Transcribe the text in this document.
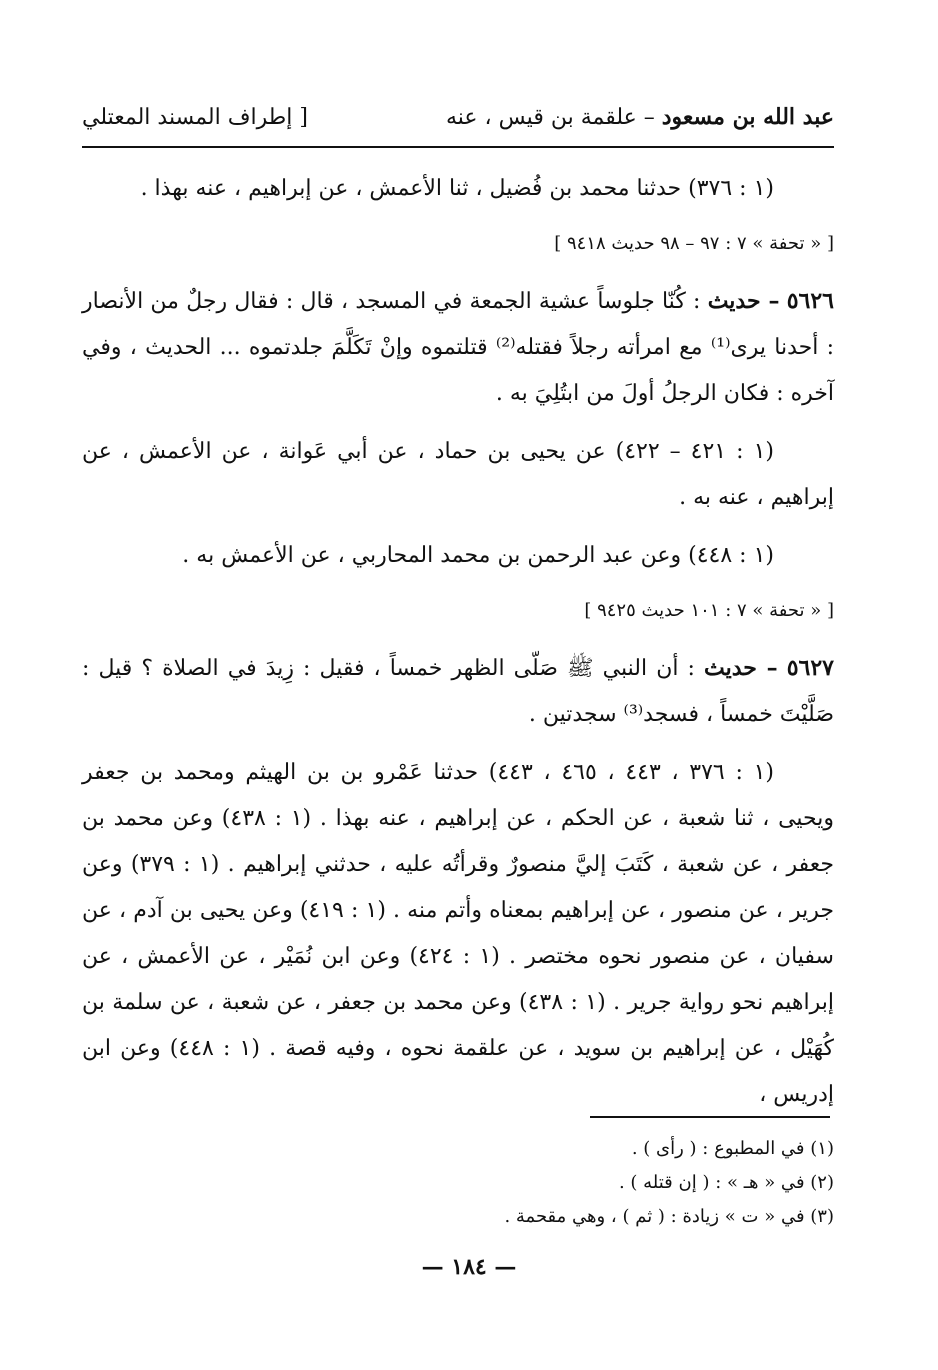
عبد الله بن مسعود – علقمة بن قيس ، عنه
[ إطراف المسند المعتلي

(١ : ٣٧٦) حدثنا محمد بن فُضيل ، ثنا الأعمش ، عن إبراهيم ، عنه بهذا .

[ « تحفة » ٧ : ٩٧ – ٩٨ حديث ٩٤١٨ ]

٥٦٢٦ – حديث : كُنّا جلوساً عشية الجمعة في المسجد ، قال : فقال رجلٌ من الأنصار : أحدنا يرى⁽¹⁾ مع امرأته رجلاً فقتله⁽²⁾ قتلتموه وإنْ تَكَلَّمَ جلدتموه ... الحديث ، وفي آخره : فكان الرجلُ أولَ من ابتُلِيَ به .

(١ : ٤٢١ – ٤٢٢) عن يحيى بن حماد ، عن أبي عَوانة ، عن الأعمش ، عن إبراهيم ، عنه به .

(١ : ٤٤٨) وعن عبد الرحمن بن محمد المحاربي ، عن الأعمش به .

[ « تحفة » ٧ : ١٠١ حديث ٩٤٢٥ ]

٥٦٢٧ – حديث : أن النبي ﷺ صَلّى الظهر خمساً ، فقيل : زِيدَ في الصلاة ؟ قيل : صَلَّيْتَ خمساً ، فسجد⁽³⁾ سجدتين .

(١ : ٣٧٦ ، ٤٤٣ ، ٤٦٥ ، ٤٤٣) حدثنا عَمْرو بن بن الهيثم ومحمد بن جعفر ويحيى ، ثنا شعبة ، عن الحكم ، عن إبراهيم ، عنه بهذا . (١ : ٤٣٨) وعن محمد بن جعفر ، عن شعبة ، كَتَبَ إليَّ منصورٌ وقرأتُه عليه ، حدثني إبراهيم . (١ : ٣٧٩) وعن جرير ، عن منصور ، عن إبراهيم بمعناه وأتم منه . (١ : ٤١٩) وعن يحيى بن آدم ، عن سفيان ، عن منصور نحوه مختصر . (١ : ٤٢٤) وعن ابن نُمَيْر ، عن الأعمش ، عن إبراهيم نحو رواية جرير . (١ : ٤٣٨) وعن محمد بن جعفر ، عن شعبة ، عن سلمة بن كُهَيْل ، عن إبراهيم بن سويد ، عن علقمة نحوه ، وفيه قصة . (١ : ٤٤٨) وعن ابن إدريس ،

(١) في المطبوع : ( رأى ) .
(٢) في « هـ » : ( إن قتله ) .
(٣) في « ت » زيادة : ( ثم ) ، وهي مقحمة .
— ١٨٤ —
